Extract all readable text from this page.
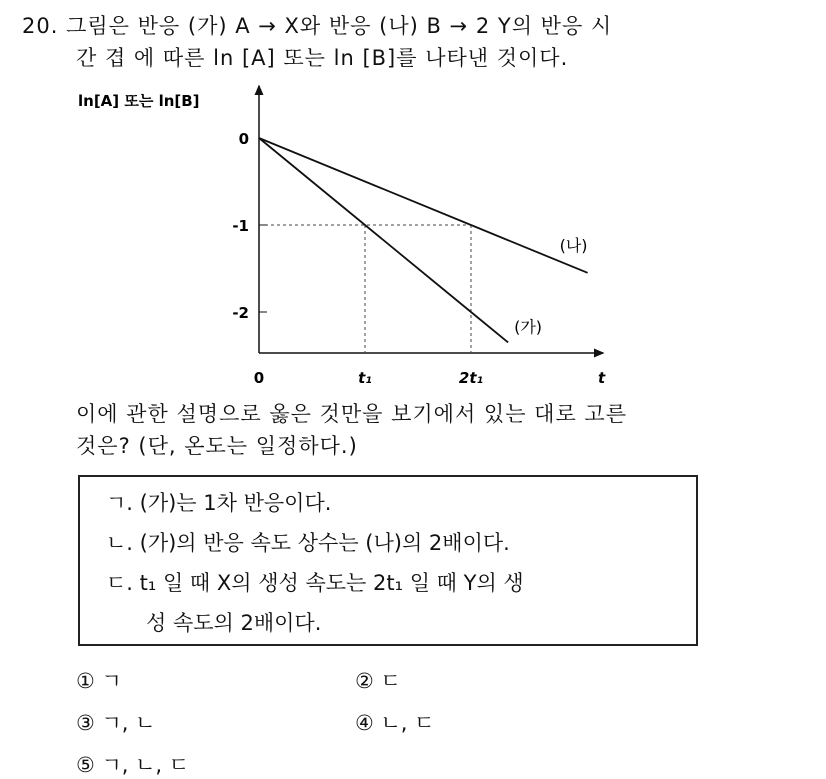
20. 그림은 반응 (가) A → X와 반응 (나) B → 2 Y의 반응 시
간 겹 에 따른 ln [A] 또는 ln [B]를 나타낸 것이다.
ln[A] 또는 ln[B]
(가)
(나)
0
-1
-2
0	t₁	2t₁	t
이에 관한 설명으로 옳은 것만을 보기에서 있는 대로 고른
것은? (단, 온도는 일정하다.)
ㄱ. (가)는 1차 반응이다.
ㄴ. (가)의 반응 속도 상수는 (나)의 2배이다.
ㄷ. t₁ 일 때 X의 생성 속도는 2t₁ 일 때 Y의 생
성 속도의 2배이다.
① ㄱ	② ㄷ
③ ㄱ, ㄴ	④ ㄴ, ㄷ
⑤ ㄱ, ㄴ, ㄷ
